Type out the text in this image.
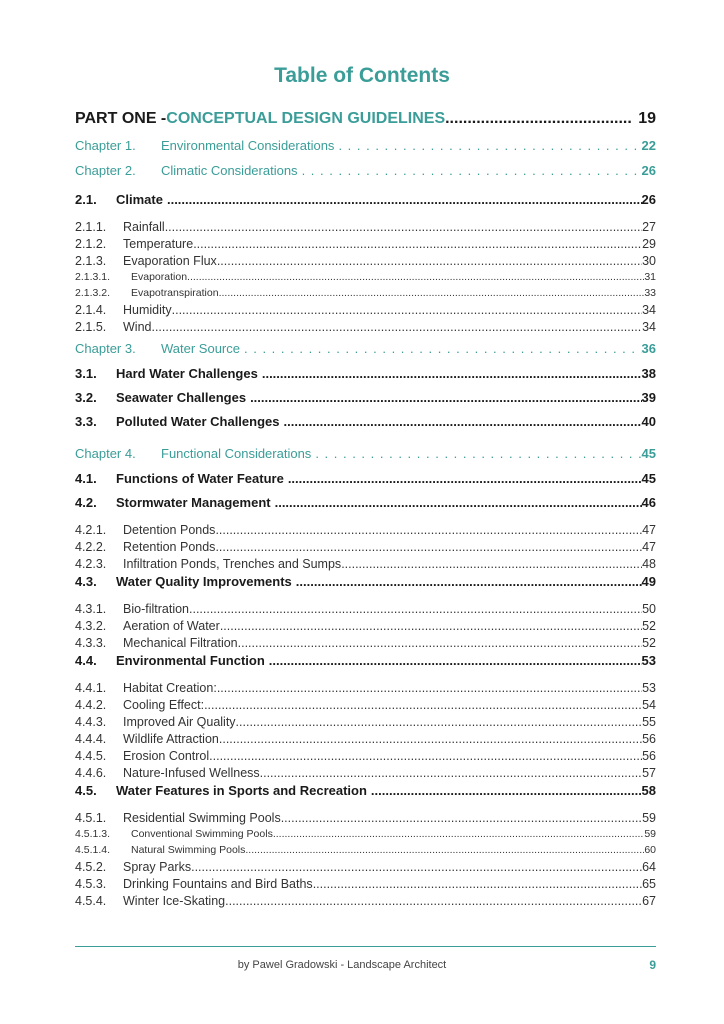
Table of Contents
PART ONE - CONCEPTUAL DESIGN GUIDELINES .....	19
Chapter 1.	Environmental Considerations . . .	22
Chapter 2.	Climatic Considerations . . .	26
2.1.	Climate .....	26
2.1.1.	Rainfall .....	27
2.1.2.	Temperature .....	29
2.1.3.	Evaporation Flux .....	30
2.1.3.1.	Evaporation .....	31
2.1.3.2.	Evapotranspiration .....	33
2.1.4.	Humidity .....	34
2.1.5.	Wind .....	34
Chapter 3.	Water Source . . .	36
3.1.	Hard Water Challenges .....	38
3.2.	Seawater Challenges .....	39
3.3.	Polluted Water Challenges .....	40
Chapter 4.	Functional Considerations . . .	45
4.1.	Functions of Water Feature .....	45
4.2.	Stormwater Management .....	46
4.2.1.	Detention Ponds .....	47
4.2.2.	Retention Ponds .....	47
4.2.3.	Infiltration Ponds, Trenches and Sumps .....	48
4.3.	Water Quality Improvements .....	49
4.3.1.	Bio-filtration .....	50
4.3.2.	Aeration of Water .....	52
4.3.3.	Mechanical Filtration .....	52
4.4.	Environmental Function .....	53
4.4.1.	Habitat Creation: .....	53
4.4.2.	Cooling Effect: .....	54
4.4.3.	Improved Air Quality .....	55
4.4.4.	Wildlife Attraction .....	56
4.4.5.	Erosion Control .....	56
4.4.6.	Nature-Infused Wellness .....	57
4.5.	Water Features in Sports and Recreation .....	58
4.5.1.	Residential Swimming Pools .....	59
4.5.1.3.	Conventional Swimming Pools .....	59
4.5.1.4.	Natural Swimming Pools .....	60
4.5.2.	Spray Parks .....	64
4.5.3.	Drinking Fountains and Bird Baths .....	65
4.5.4.	Winter Ice-Skating .....	67
by Pawel Gradowski - Landscape Architect	9
